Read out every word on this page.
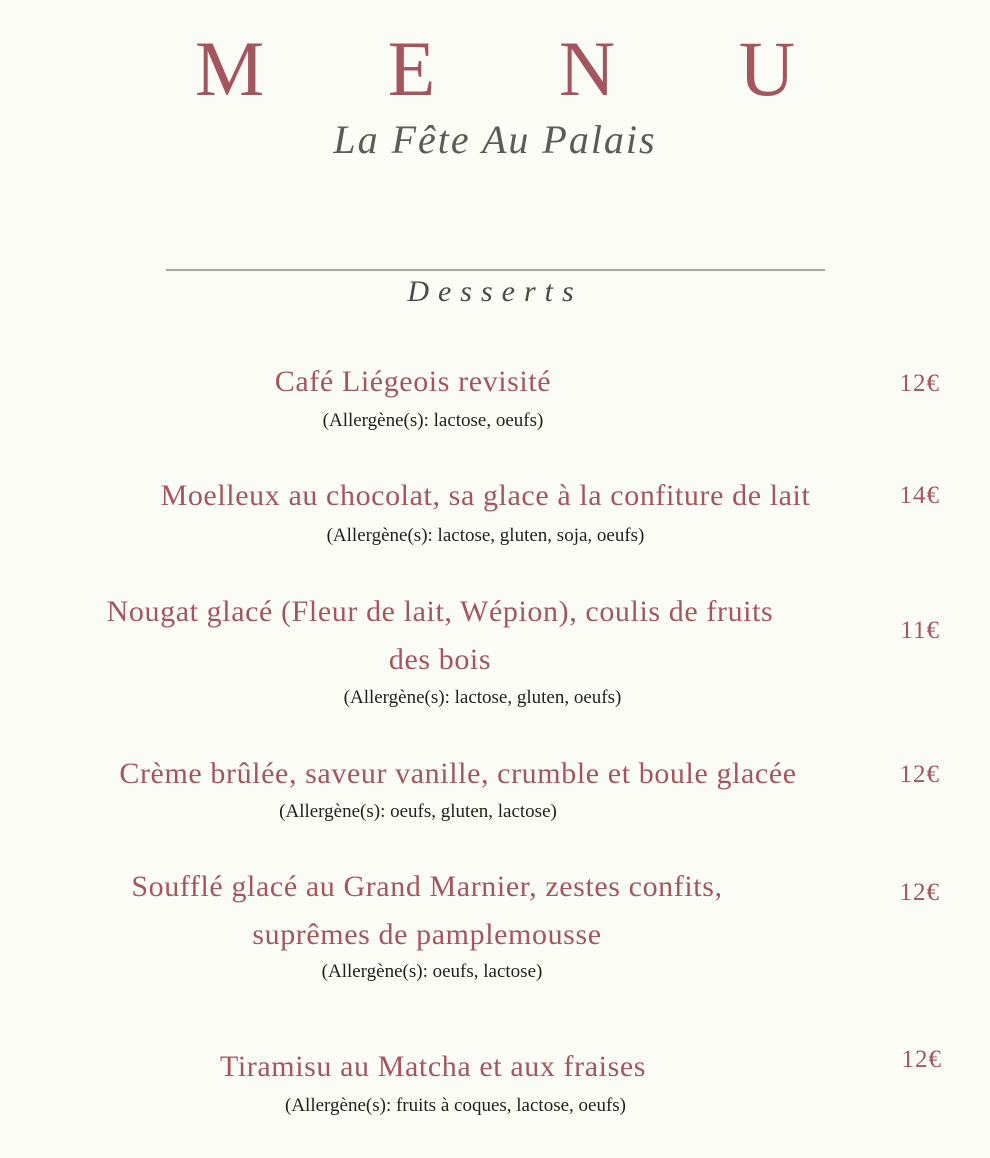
M E N U
La Fête Au Palais
Desserts
Café Liégeois revisité
(Allergène(s): lactose, oeufs)
12€
Moelleux au chocolat, sa glace à la confiture de lait
(Allergène(s): lactose, gluten, soja, oeufs)
14€
Nougat glacé (Fleur de lait, Wépion), coulis de fruits
des bois
(Allergène(s): lactose, gluten, oeufs)
11€
Crème brûlée, saveur vanille, crumble et boule glacée
(Allergène(s): oeufs, gluten, lactose)
12€
Soufflé glacé au Grand Marnier, zestes confits,
suprêmes de pamplemousse
(Allergène(s): oeufs, lactose)
12€
Tiramisu au Matcha et aux fraises
(Allergène(s): fruits à coques, lactose, oeufs)
12€
